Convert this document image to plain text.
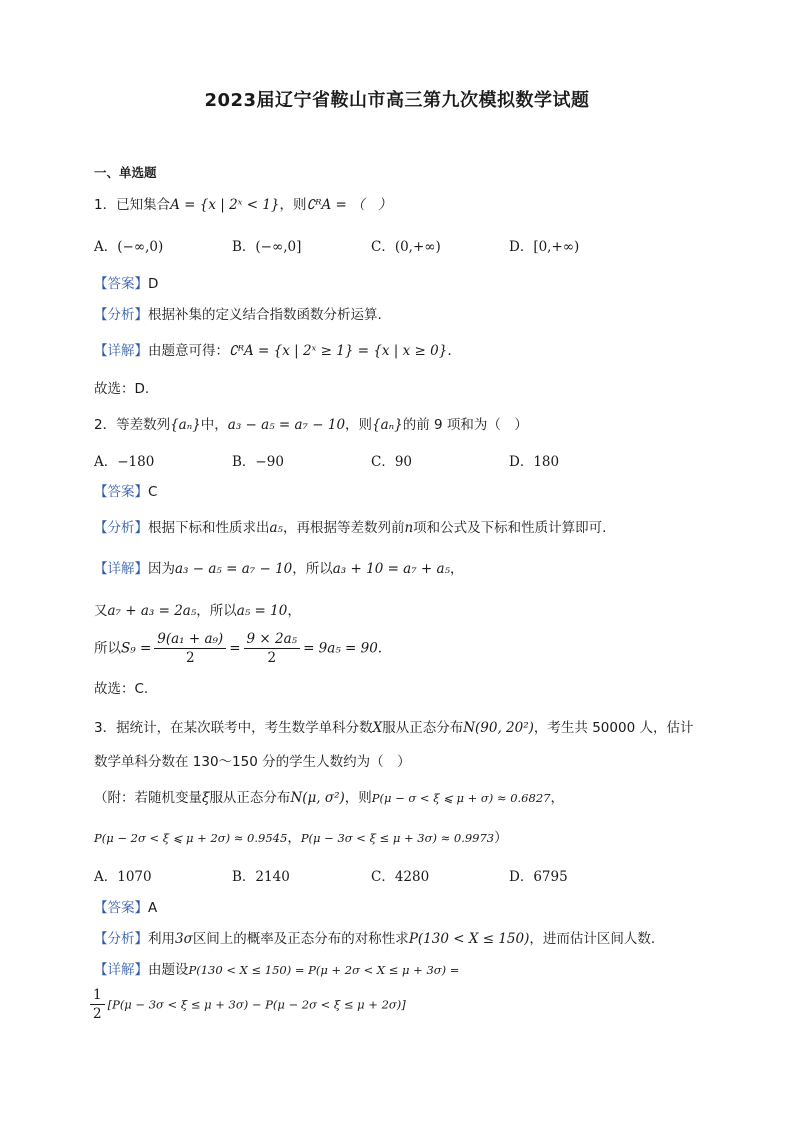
2023届辽宁省鞍山市高三第九次模拟数学试题
一、单选题
1．已知集合A = {x | 2ˣ < 1}，则∁ᴿA = （　）
A．(−∞,0)	B．(−∞,0]	C．(0,+∞)	D．[0,+∞)
【答案】D
【分析】根据补集的定义结合指数函数分析运算.
【详解】由题意可得：∁ᴿA = {x | 2ˣ ≥ 1} = {x | x ≥ 0}.
故选：D.
2．等差数列{aₙ}中，a₃ − a₅ = a₇ − 10，则{aₙ}的前 9 项和为（　）
A．−180	B．−90	C．90	D．180
【答案】C
【分析】根据下标和性质求出a₅，再根据等差数列前n项和公式及下标和性质计算即可.
【详解】因为a₃ − a₅ = a₇ − 10，所以a₃ + 10 = a₇ + a₅，
又a₇ + a₃ = 2a₅，所以a₅ = 10，
所以$S_9 = \frac{\text{9(a₁ + a₉)}}{2} = \frac{\text{9 × 2a₅}}{2} = 9a_5 = 90$.
故选：C.
3．据统计，在某次联考中，考生数学单科分数X服从正态分布N(90, 20²)，考生共 50000 人，估计
数学单科分数在 130～150 分的学生人数约为（　）
（附：若随机变量ξ服从正态分布N(μ, σ²)，则P(μ − σ < ξ ⩽ μ + σ) ≈ 0.6827，
P(μ − 2σ < ξ ⩽ μ + 2σ) ≈ 0.9545，P(μ − 3σ < ξ ≤ μ + 3σ) ≈ 0.9973）
A．1070	B．2140	C．4280	D．6795
【答案】A
【分析】利用3σ区间上的概率及正态分布的对称性求P(130 < X ≤ 150)，进而估计区间人数.
【详解】由题设P(130 < X ≤ 150) = P(μ + 2σ < X ≤ μ + 3σ) =
$\frac{1}{2} [P(\mu - 3\sigma < \xi \le \mu + 3\sigma) - P(\mu - 2\sigma < \xi \le \mu + 2\sigma)]$
